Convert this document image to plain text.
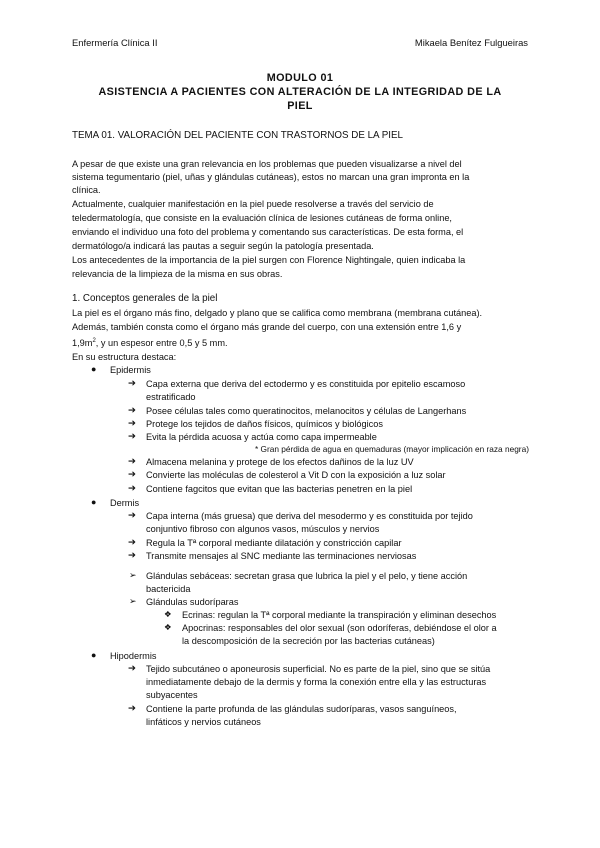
Enfermería Clínica II	Mikaela Benítez Fulgueiras
MODULO 01
ASISTENCIA A PACIENTES CON ALTERACIÓN DE LA INTEGRIDAD DE LA
PIEL
TEMA 01. VALORACIÓN DEL PACIENTE CON TRASTORNOS DE LA PIEL
A pesar de que existe una gran relevancia en los problemas que pueden visualizarse a nivel del
sistema tegumentario (piel, uñas y glándulas cutáneas), estos no marcan una gran impronta en la
clínica.
Actualmente, cualquier manifestación en la piel puede resolverse a través del servicio de
teledermatología, que consiste en la evaluación clínica de lesiones cutáneas de forma online,
enviando el individuo una foto del problema y comentando sus características. De esta forma, el
dermatólogo/a indicará las pautas a seguir según la patología presentada.
Los antecedentes de la importancia de la piel surgen con Florence Nightingale, quien indicaba la
relevancia de la limpieza de la misma en sus obras.
1. Conceptos generales de la piel
La piel es el órgano más fino, delgado y plano que se califica como membrana (membrana cutánea).
Además, también consta como el órgano más grande del cuerpo, con una extensión entre 1,6 y
$1,9m^2$, y un espesor entre 0,5 y 5 mm.
En su estructura destaca:
● Epidermis
➔ Capa externa que deriva del ectodermo y es constituida por epitelio escamoso
estratificado
➔ Posee células tales como queratinocitos, melanocitos y células de Langerhans
➔ Protege los tejidos de daños físicos, químicos y biológicos
➔ Evita la pérdida acuosa y actúa como capa impermeable
* Gran pérdida de agua en quemaduras (mayor implicación en raza negra)
➔ Almacena melanina y protege de los efectos dañinos de la luz UV
➔ Convierte las moléculas de colesterol a Vit D con la exposición a luz solar
➔ Contiene fagcitos que evitan que las bacterias penetren en la piel
● Dermis
➔ Capa interna (más gruesa) que deriva del mesodermo y es constituida por tejido
conjuntivo fibroso con algunos vasos, músculos y nervios
➔ Regula la Tª corporal mediante dilatación y constricción capilar
➔ Transmite mensajes al SNC mediante las terminaciones nerviosas
➢ Glándulas sebáceas: secretan grasa que lubrica la piel y el pelo, y tiene acción
bactericida
➢ Glándulas sudoríparas
❖ Ecrinas: regulan la Tª corporal mediante la transpiración y eliminan desechos
❖ Apocrinas: responsables del olor sexual (son odoríferas, debiéndose el olor a
la descomposición de la secreción por las bacterias cutáneas)
● Hipodermis
➔ Tejido subcutáneo o aponeurosis superficial. No es parte de la piel, sino que se sitúa
inmediatamente debajo de la dermis y forma la conexión entre ella y las estructuras
subyacentes
➔ Contiene la parte profunda de las glándulas sudoríparas, vasos sanguíneos,
linfáticos y nervios cutáneos
